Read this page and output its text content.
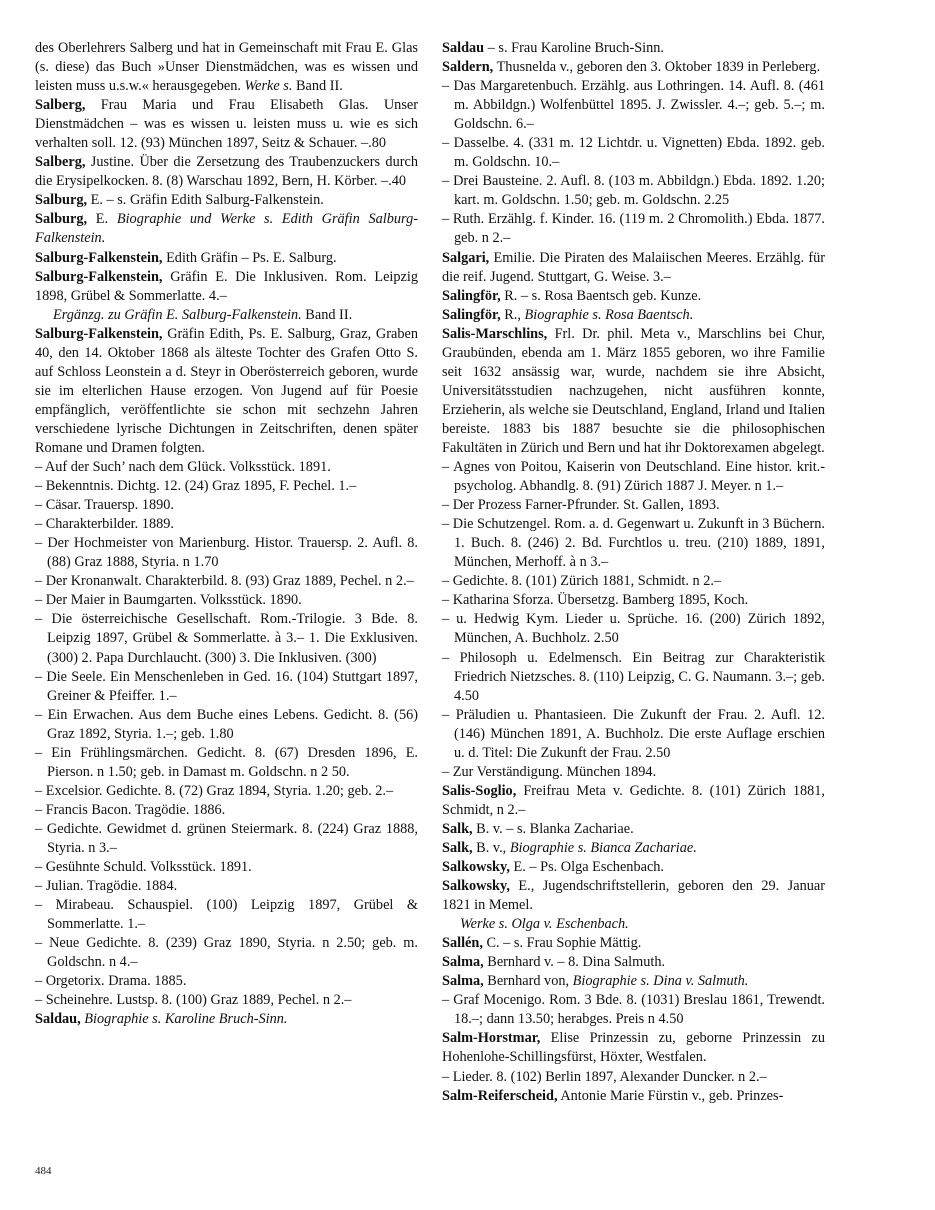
des Oberlehrers Salberg und hat in Gemeinschaft mit Frau E. Glas (s. diese) das Buch »Unser Dienstmädchen, was es wissen und leisten muss u.s.w.« herausgegeben. Werke s. Band II.
Salberg, Frau Maria und Frau Elisabeth Glas. Unser Dienstmädchen – was es wissen u. leisten muss u. wie es sich verhalten soll. 12. (93) München 1897, Seitz & Schauer. –.80
Salberg, Justine. Über die Zersetzung des Traubenzuckers durch die Erysipelkocken. 8. (8) Warschau 1892, Bern, H. Körber. –.40
Salburg, E. – s. Gräfin Edith Salburg-Falkenstein.
Salburg, E. Biographie und Werke s. Edith Gräfin Salburg-Falkenstein.
Salburg-Falkenstein, Edith Gräfin – Ps. E. Salburg.
Salburg-Falkenstein, Gräfin E. Die Inklusiven. Rom. Leipzig 1898, Grübel & Sommerlatte. 4.–
Ergänzg. zu Gräfin E. Salburg-Falkenstein. Band II.
Salburg-Falkenstein, Gräfin Edith, Ps. E. Salburg, Graz, Graben 40, den 14. Oktober 1868 als älteste Tochter des Grafen Otto S. auf Schloss Leonstein a d. Steyr in Oberösterreich geboren, wurde sie im elterlichen Hause erzogen. Von Jugend auf für Poesie empfänglich, veröffentlichte sie schon mit sechzehn Jahren verschiedene lyrische Dichtungen in Zeitschriften, denen später Romane und Dramen folgten.
– Auf der Such’ nach dem Glück. Volksstück. 1891.
– Bekenntnis. Dichtg. 12. (24) Graz 1895, F. Pechel. 1.–
– Cäsar. Trauersp. 1890.
– Charakterbilder. 1889.
– Der Hochmeister von Marienburg. Histor. Trauersp. 2. Aufl. 8. (88) Graz 1888, Styria. n 1.70
– Der Kronanwalt. Charakterbild. 8. (93) Graz 1889, Pechel. n 2.–
– Der Maier in Baumgarten. Volksstück. 1890.
– Die österreichische Gesellschaft. Rom.-Trilogie. 3 Bde. 8. Leipzig 1897, Grübel & Sommerlatte. à 3.– 1. Die Exklusiven. (300) 2. Papa Durchlaucht. (300) 3. Die Inklusiven. (300)
– Die Seele. Ein Menschenleben in Ged. 16. (104) Stuttgart 1897, Greiner & Pfeiffer. 1.–
– Ein Erwachen. Aus dem Buche eines Lebens. Gedicht. 8. (56) Graz 1892, Styria. 1.–; geb. 1.80
– Ein Frühlingsmärchen. Gedicht. 8. (67) Dresden 1896, E. Pierson. n 1.50; geb. in Damast m. Goldschn. n 2 50.
– Excelsior. Gedichte. 8. (72) Graz 1894, Styria. 1.20; geb. 2.–
– Francis Bacon. Tragödie. 1886.
– Gedichte. Gewidmet d. grünen Steiermark. 8. (224) Graz 1888, Styria. n 3.–
– Gesühnte Schuld. Volksstück. 1891.
– Julian. Tragödie. 1884.
– Mirabeau. Schauspiel. (100) Leipzig 1897, Grübel & Sommerlatte. 1.–
– Neue Gedichte. 8. (239) Graz 1890, Styria. n 2.50; geb. m. Goldschn. n 4.–
– Orgetorix. Drama. 1885.
– Scheinehre. Lustsp. 8. (100) Graz 1889, Pechel. n 2.–
Saldau, Biographie s. Karoline Bruch-Sinn.
Saldau – s. Frau Karoline Bruch-Sinn.
Saldern, Thusnelda v., geboren den 3. Oktober 1839 in Perleberg.
– Das Margaretenbuch. Erzählg. aus Lothringen. 14. Aufl. 8. (461 m. Abbildgn.) Wolfenbüttel 1895. J. Zwissler. 4.–; geb. 5.–; m. Goldschn. 6.–
– Dasselbe. 4. (331 m. 12 Lichtdr. u. Vignetten) Ebda. 1892. geb. m. Goldschn. 10.–
– Drei Bausteine. 2. Aufl. 8. (103 m. Abbildgn.) Ebda. 1892. 1.20; kart. m. Goldschn. 1.50; geb. m. Goldschn. 2.25
– Ruth. Erzählg. f. Kinder. 16. (119 m. 2 Chromolith.) Ebda. 1877. geb. n 2.–
Salgari, Emilie. Die Piraten des Malaiischen Meeres. Erzählg. für die reif. Jugend. Stuttgart, G. Weise. 3.–
Salingför, R. – s. Rosa Baentsch geb. Kunze.
Salingför, R., Biographie s. Rosa Baentsch.
Salis-Marschlins, Frl. Dr. phil. Meta v., Marschlins bei Chur, Graubünden, ebenda am 1. März 1855 geboren, wo ihre Familie seit 1632 ansässig war, wurde, nachdem sie ihre Absicht, Universitätsstudien nachzugehen, nicht ausführen konnte, Erzieherin, als welche sie Deutschland, England, Irland und Italien bereiste. 1883 bis 1887 besuchte sie die philosophischen Fakultäten in Zürich und Bern und hat ihr Doktorexamen abgelegt.
– Agnes von Poitou, Kaiserin von Deutschland. Eine histor. krit.-psycholog. Abhandlg. 8. (91) Zürich 1887 J. Meyer. n 1.–
– Der Prozess Farner-Pfrunder. St. Gallen, 1893.
– Die Schutzengel. Rom. a. d. Gegenwart u. Zukunft in 3 Büchern. 1. Buch. 8. (246) 2. Bd. Furchtlos u. treu. (210) 1889, 1891, München, Merhoff. à n 3.–
– Gedichte. 8. (101) Zürich 1881, Schmidt. n 2.–
– Katharina Sforza. Übersetzg. Bamberg 1895, Koch.
– u. Hedwig Kym. Lieder u. Sprüche. 16. (200) Zürich 1892, München, A. Buchholz. 2.50
– Philosoph u. Edelmensch. Ein Beitrag zur Charakteristik Friedrich Nietzsches. 8. (110) Leipzig, C. G. Naumann. 3.–; geb. 4.50
– Präludien u. Phantasieen. Die Zukunft der Frau. 2. Aufl. 12. (146) München 1891, A. Buchholz. Die erste Auflage erschien u. d. Titel: Die Zukunft der Frau. 2.50
– Zur Verständigung. München 1894.
Salis-Soglio, Freifrau Meta v. Gedichte. 8. (101) Zürich 1881, Schmidt, n 2.–
Salk, B. v. – s. Blanka Zachariae.
Salk, B. v., Biographie s. Bianca Zachariae.
Salkowsky, E. – Ps. Olga Eschenbach.
Salkowsky, E., Jugendschriftstellerin, geboren den 29. Januar 1821 in Memel.
Werke s. Olga v. Eschenbach.
Sallén, C. – s. Frau Sophie Mättig.
Salma, Bernhard v. – 8. Dina Salmuth.
Salma, Bernhard von, Biographie s. Dina v. Salmuth.
– Graf Mocenigo. Rom. 3 Bde. 8. (1031) Breslau 1861, Trewendt. 18.–; dann 13.50; herabges. Preis n 4.50
Salm-Horstmar, Elise Prinzessin zu, geborne Prinzessin zu Hohenlohe-Schillingsfürst, Höxter, Westfalen.
– Lieder. 8. (102) Berlin 1897, Alexander Duncker. n 2.–
Salm-Reiferscheid, Antonie Marie Fürstin v., geb. Prinzes-
484
